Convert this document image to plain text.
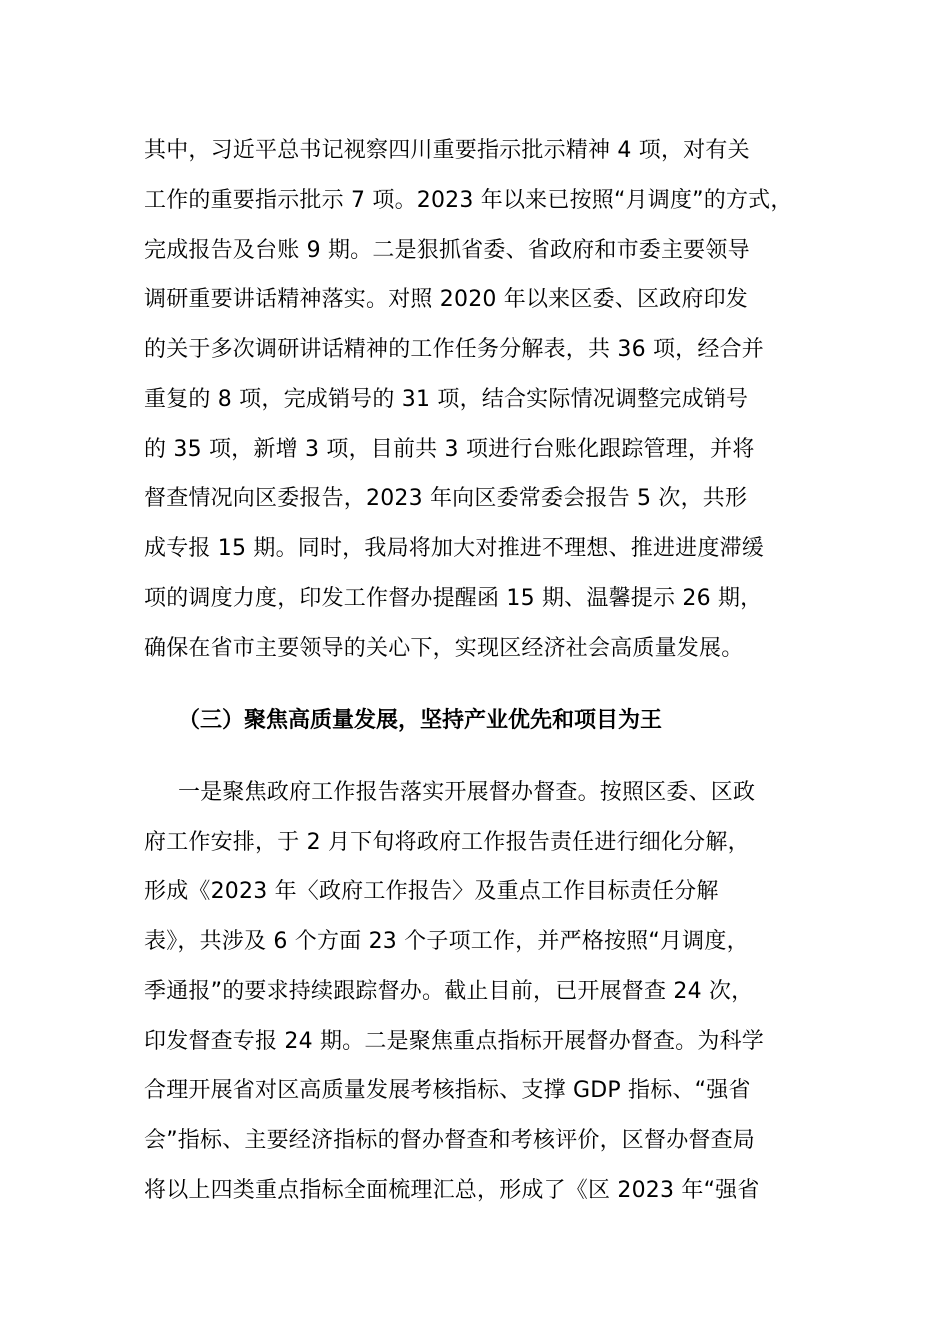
其中，习近平总书记视察四川重要指示批示精神 4 项，对有关
工作的重要指示批示 7 项。2023 年以来已按照“月调度”的方式，
完成报告及台账 9 期。二是狠抓省委、省政府和市委主要领导
调研重要讲话精神落实。对照 2020 年以来区委、区政府印发
的关于多次调研讲话精神的工作任务分解表，共 36 项，经合并
重复的 8 项，完成销号的 31 项，结合实际情况调整完成销号
的 35 项，新增 3 项，目前共 3 项进行台账化跟踪管理，并将
督查情况向区委报告，2023 年向区委常委会报告 5 次，共形
成专报 15 期。同时，我局将加大对推进不理想、推进进度滞缓
项的调度力度，印发工作督办提醒函 15 期、温馨提示 26 期，
确保在省市主要领导的关心下，实现区经济社会高质量发展。
（三）聚焦高质量发展，坚持产业优先和项目为王
一是聚焦政府工作报告落实开展督办督查。按照区委、区政
府工作安排，于 2 月下旬将政府工作报告责任进行细化分解，
形成《2023 年〈政府工作报告〉及重点工作目标责任分解
表》，共涉及 6 个方面 23 个子项工作，并严格按照“月调度，
季通报”的要求持续跟踪督办。截止目前，已开展督查 24 次，
印发督查专报 24 期。二是聚焦重点指标开展督办督查。为科学
合理开展省对区高质量发展考核指标、支撑 GDP 指标、“强省
会”指标、主要经济指标的督办督查和考核评价，区督办督查局
将以上四类重点指标全面梳理汇总，形成了《区 2023 年“强省
